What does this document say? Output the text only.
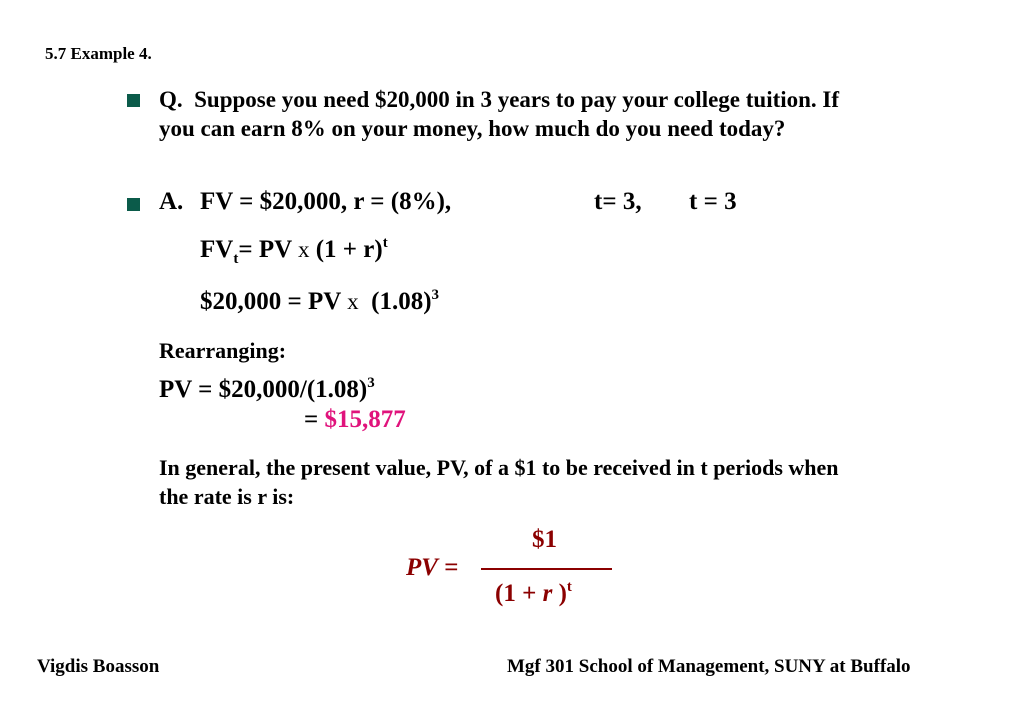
5.7 Example 4.
Q. Suppose you need $20,000 in 3 years to pay your college tuition. If you can earn 8% on your money, how much do you need today?
A. FV = $20,000, r = (8%),	t= 3, t = 3
$FV_t=$ PV x $(1 + r)^t$
$20,000 = PV x $(1.08)^3$
Rearranging:
PV = $\$20,000/(1.08)^3$
= $15,877
In general, the present value, PV, of a $1 to be received in t periods when the rate is r is:
PV =
$1
(1 + r )$^t$
Vigdis Boasson	Mgf 301 School of Management, SUNY at Buffalo
